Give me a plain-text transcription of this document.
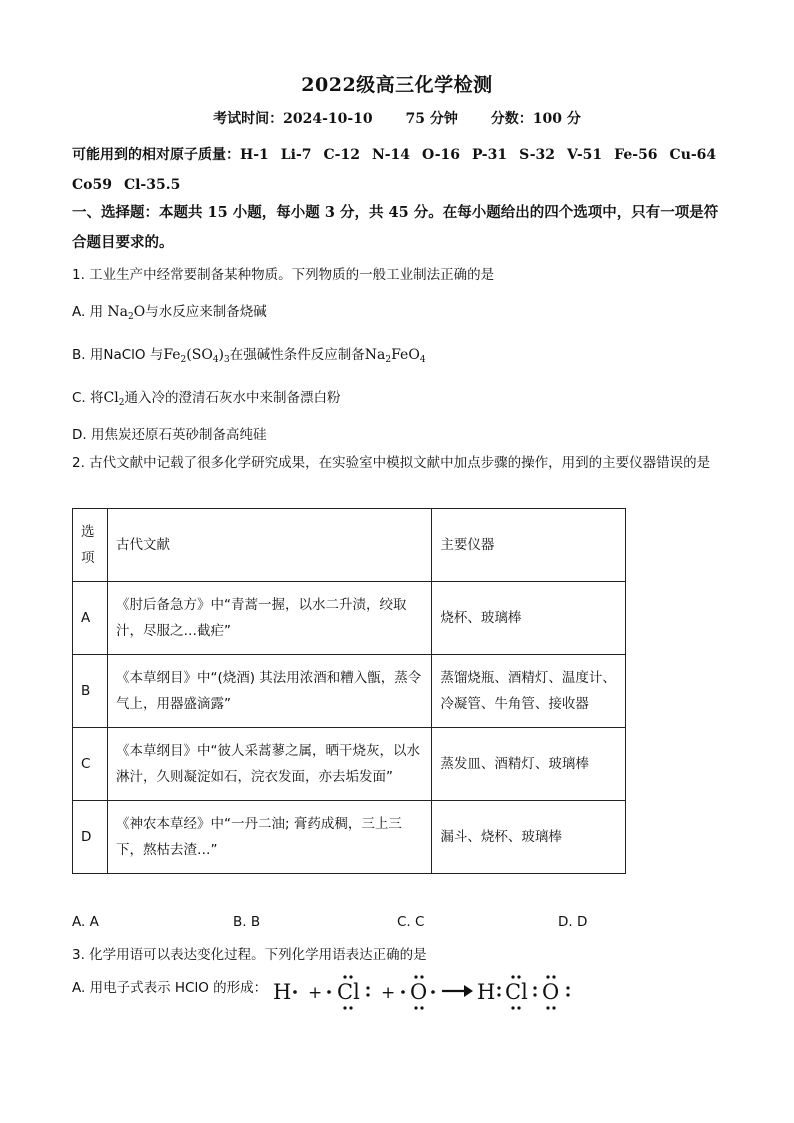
2022级高三化学检测
考试时间：2024-10-10 75 分钟 分数：100 分
可能用到的相对原子质量：H-1 Li-7 C-12 N-14 O-16 P-31 S-32 V-51 Fe-56 Cu-64
Co59 Cl-35.5
一、选择题：本题共 15 小题，每小题 3 分，共 45 分。在每小题给出的四个选项中，只有一项是符合题目要求的。
1. 工业生产中经常要制备某种物质。下列物质的一般工业制法正确的是
A. 用 $Na_2O$与水反应来制备烧碱
B. 用NaClO 与$Fe_2(SO_4)_3$在强碱性条件反应制备$Na_2FeO_4$
C. 将$Cl_2$通入冷的澄清石灰水中来制备漂白粉
D. 用焦炭还原石英砂制备高纯硅
2. 古代文献中记载了很多化学研究成果，在实验室中模拟文献中加点步骤的操作，用到的主要仪器错误的是
选项	古代文献	主要仪器
A	《肘后备急方》中“青蒿一握，以水二升渍，绞取汁，尽服之…截疟”	烧杯、玻璃棒
B	《本草纲目》中“(烧酒) 其法用浓酒和糟入甑，蒸令气上，用器盛滴露”	蒸馏烧瓶、酒精灯、温度计、冷凝管、牛角管、接收器
C	《本草纲目》中“彼人采蒿蓼之属，晒干烧灰，以水淋汁，久则凝淀如石，浣衣发面，亦去垢发面”	蒸发皿、酒精灯、玻璃棒
D	《神农本草经》中“一丹二油; 膏药成稠，三上三下，熬枯去渣…”	漏斗、烧杯、玻璃棒
A. A	B. B	C. C	D. D
3. 化学用语可以表达变化过程。下列化学用语表达正确的是
A. 用电子式表示 HClO 的形成： H + Cl + O H Cl O
